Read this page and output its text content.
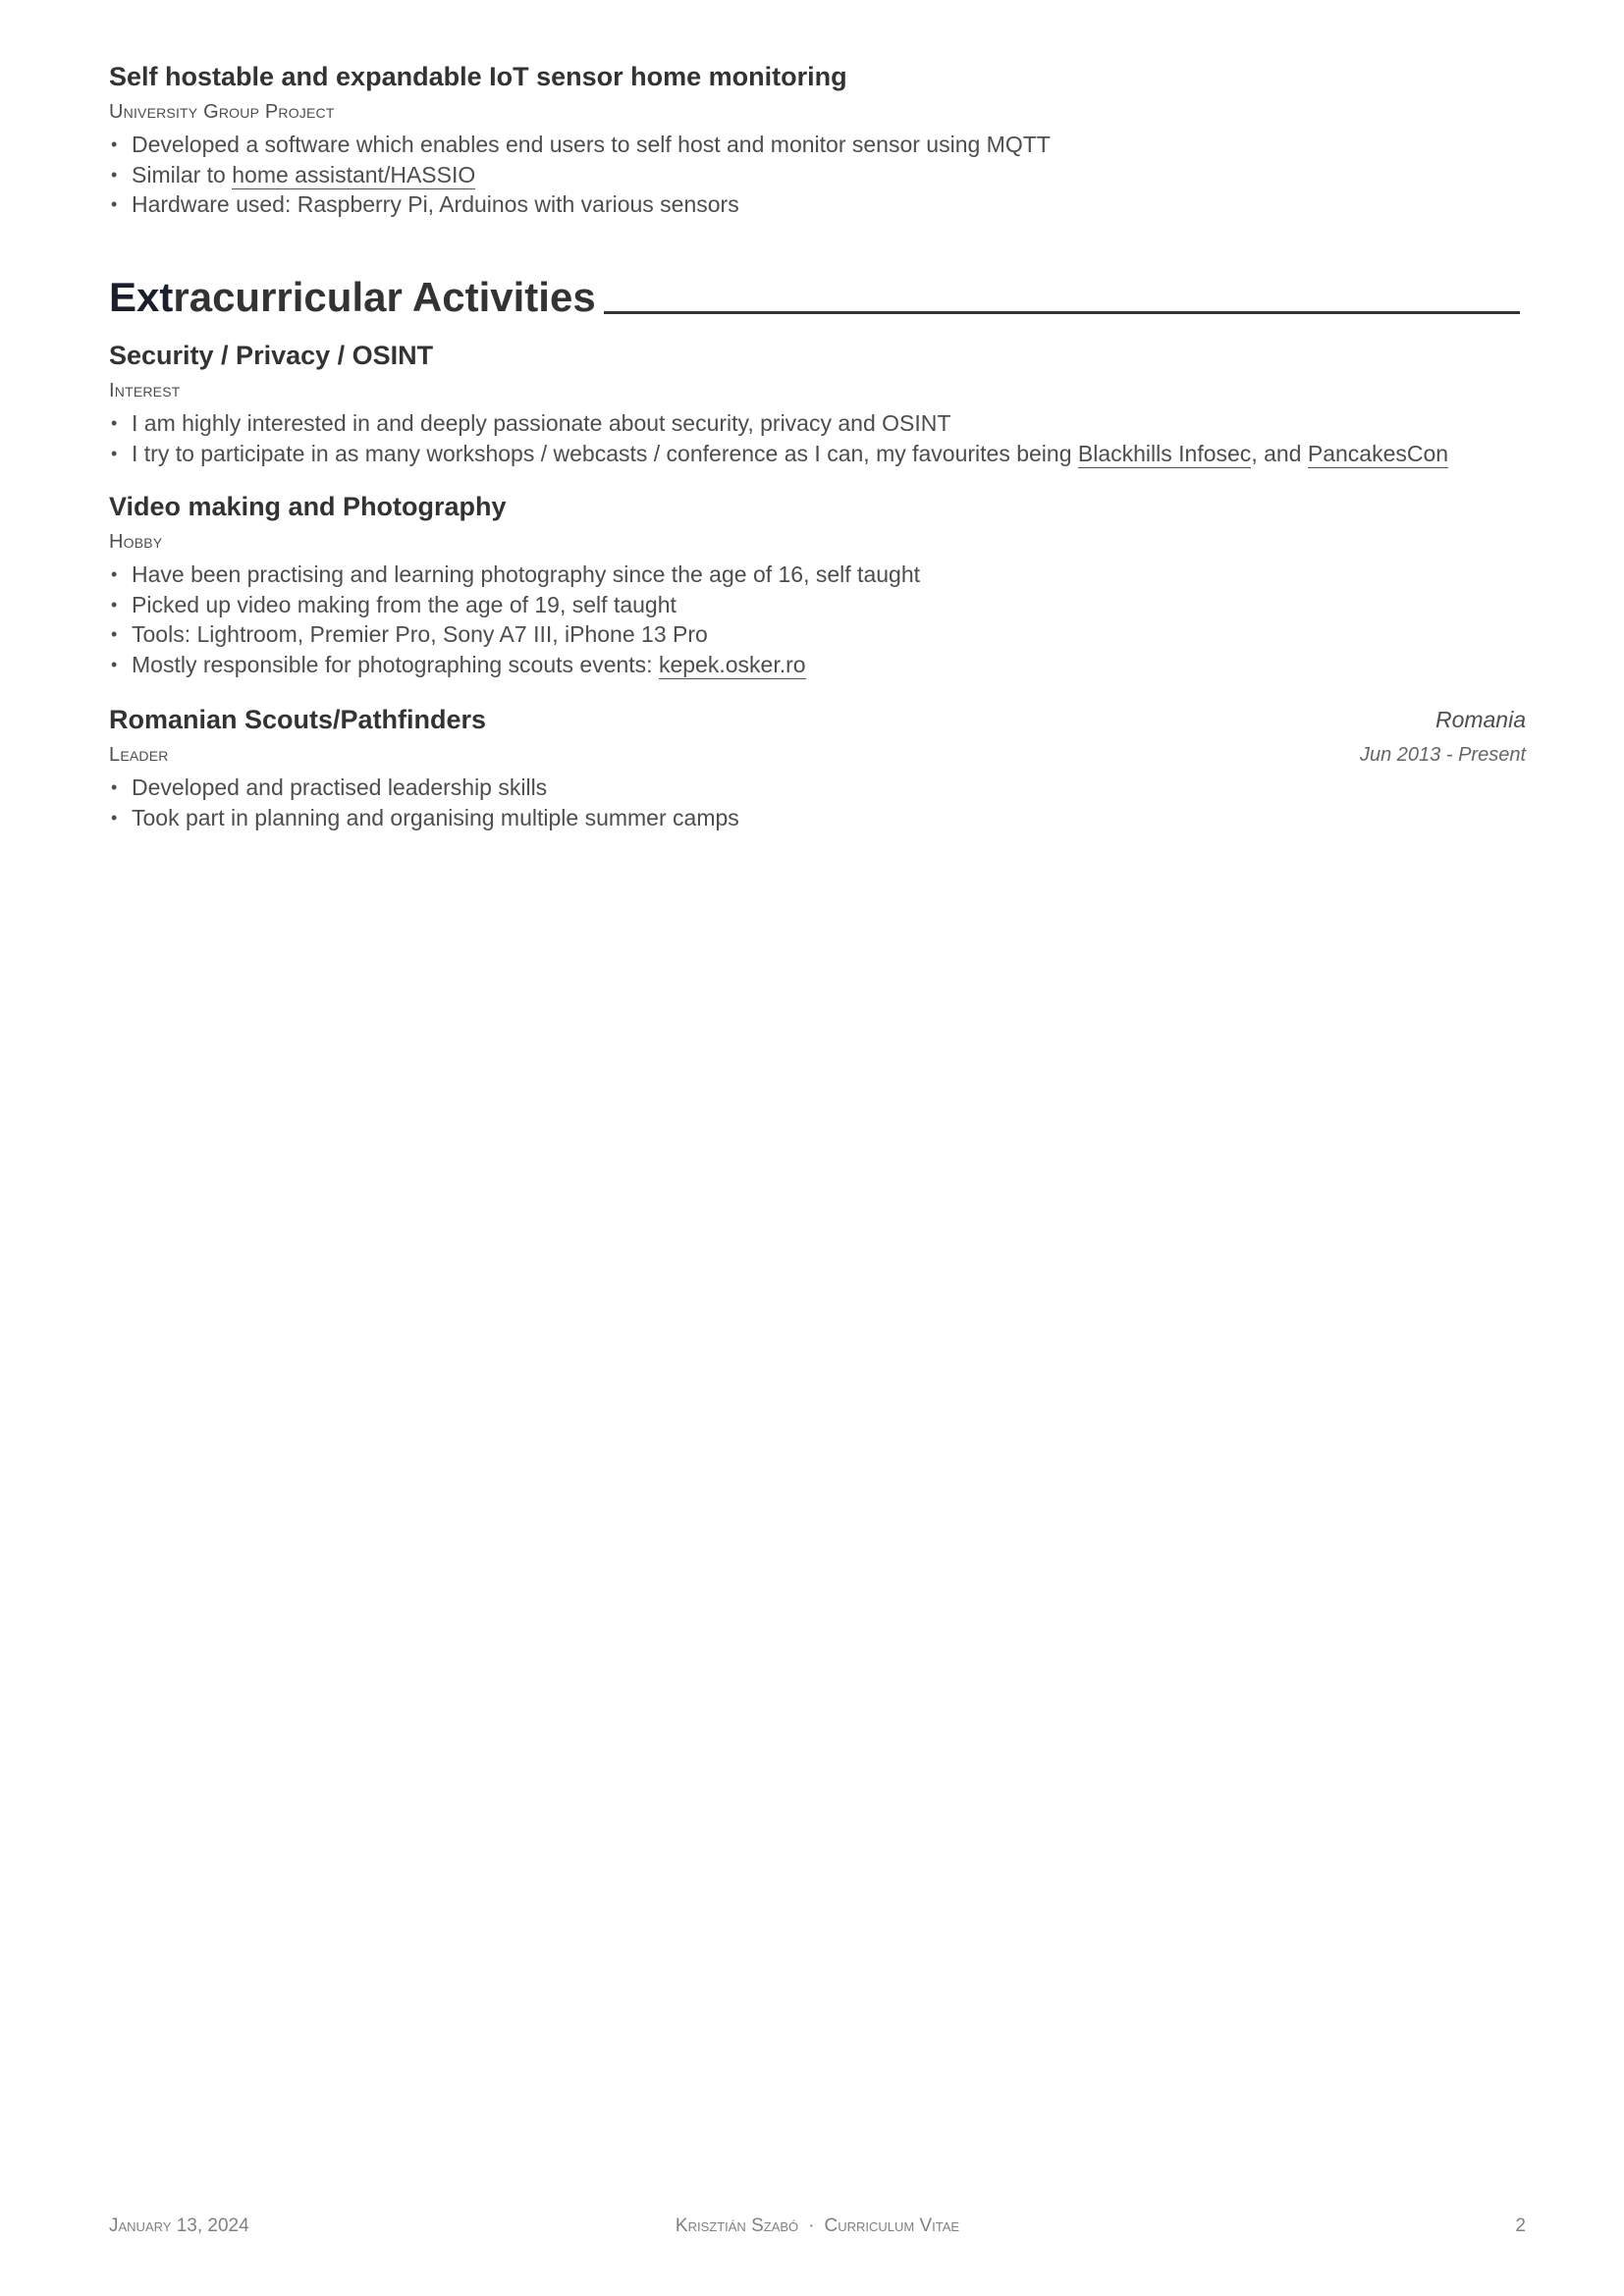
Self hostable and expandable IoT sensor home monitoring
University Group Project
• Developed a software which enables end users to self host and monitor sensor using MQTT
• Similar to home assistant/HASSIO
• Hardware used: Raspberry Pi, Arduinos with various sensors
Extracurricular Activities
Security / Privacy / OSINT
Interest
• I am highly interested in and deeply passionate about security, privacy and OSINT
• I try to participate in as many workshops / webcasts / conference as I can, my favourites being Blackhills Infosec, and PancakesCon
Video making and Photography
Hobby
• Have been practising and learning photography since the age of 16, self taught
• Picked up video making from the age of 19, self taught
• Tools: Lightroom, Premier Pro, Sony A7 III, iPhone 13 Pro
• Mostly responsible for photographing scouts events: kepek.osker.ro
Romanian Scouts/Pathfinders	Romania
Leader	Jun 2013 - Present
• Developed and practised leadership skills
• Took part in planning and organising multiple summer camps
January 13, 2024	Krisztián Szabó · Curriculum Vitae	2
